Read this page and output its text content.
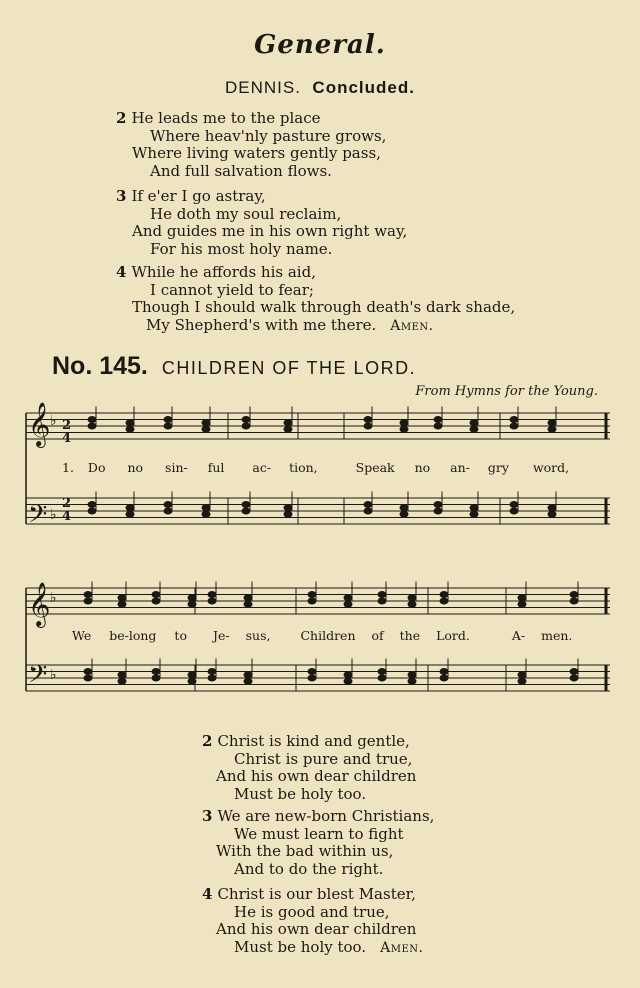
General.
DENNIS. Concluded.
2 He leads me to the place
Where heav'nly pasture grows,
Where living waters gently pass,
And full salvation flows.
3 If e'er I go astray,
He doth my soul reclaim,
And guides me in his own right way,
For his most holy name.
4 While he affords his aid,
I cannot yield to fear;
Though I should walk through death's dark shade,
My Shepherd's with me there. Amen.
No. 145. CHILDREN OF THE LORD.
From Hymns for the Young.
𝄞
𝄢
𝄞
𝄢
♭
♭
♭
♭
2
4
2
4
1. Do no sin- ful ac- tion,	Speak no an- gry word,
We be-long to Je- sus, Children of the Lord.	A- men.
2 Christ is kind and gentle,
Christ is pure and true,
And his own dear children
Must be holy too.
3 We are new-born Christians,
We must learn to fight
With the bad within us,
And to do the right.
4 Christ is our blest Master,
He is good and true,
And his own dear children
Must be holy too. Amen.
